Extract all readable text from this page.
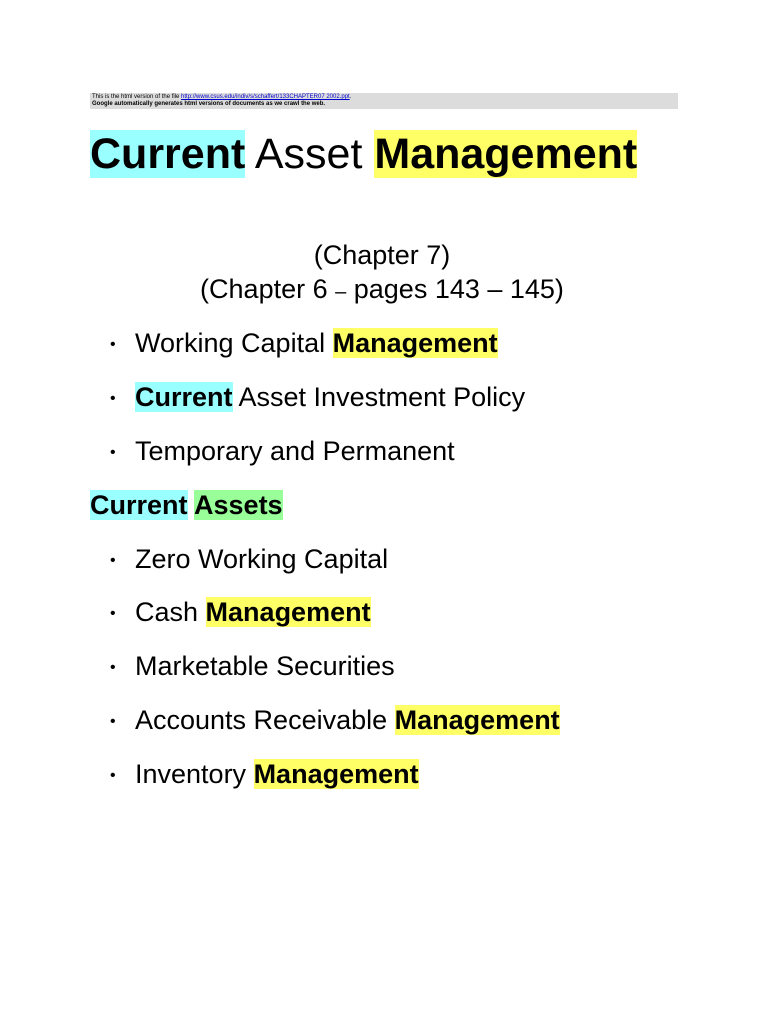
This is the html version of the file http://www.csus.edu/indiv/s/schaffert/133CHAPTER07 2002.ppt.
Google automatically generates html versions of documents as we crawl the web.
Current Asset Management
(Chapter 7)
(Chapter 6 – pages 143 – 145)
• Working Capital Management
• Current Asset Investment Policy
• Temporary and Permanent
Current Assets
• Zero Working Capital
• Cash Management
• Marketable Securities
• Accounts Receivable Management
• Inventory Management
